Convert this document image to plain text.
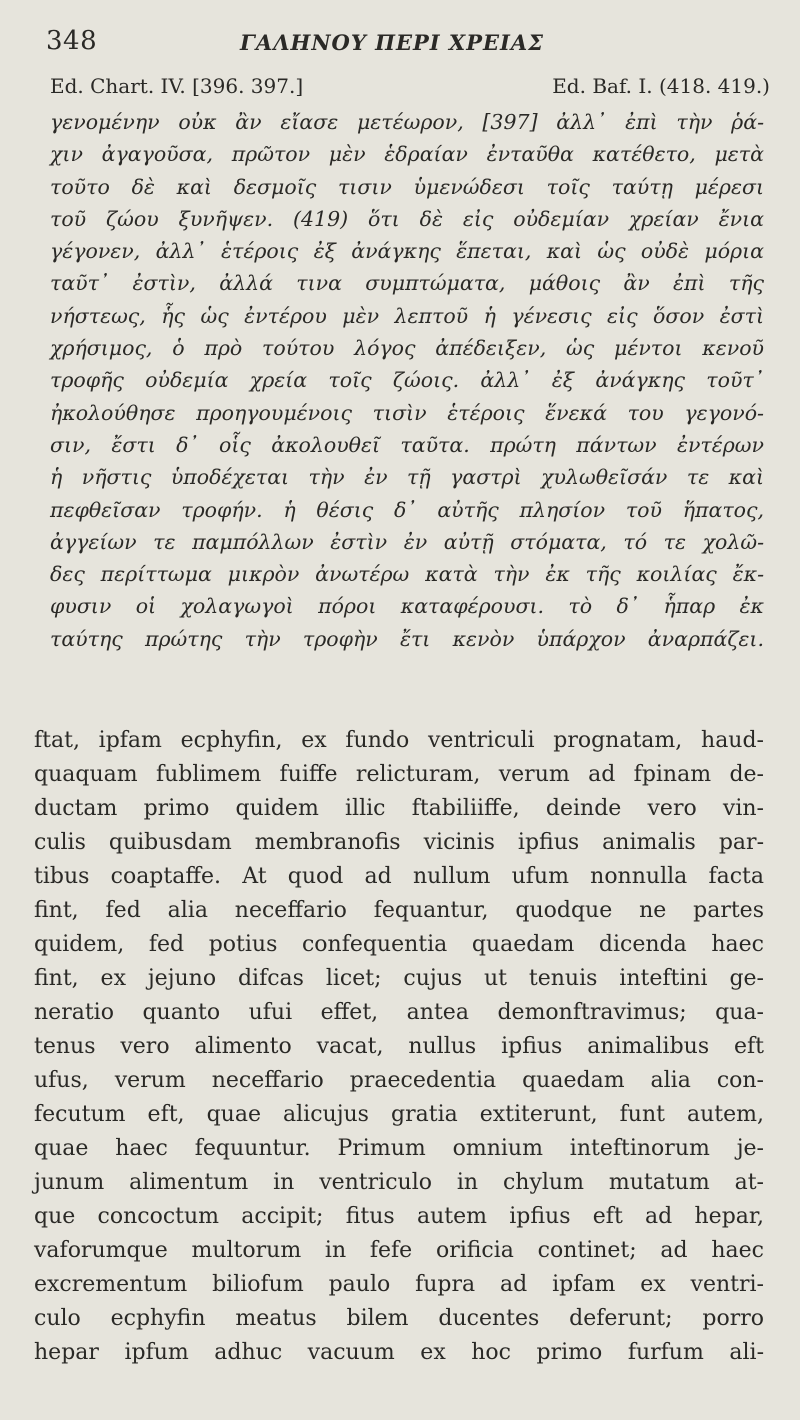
348	ΓΑΛΗΝΟΥ ΠΕΡΙ ΧΡΕΙΑΣ
Ed. Chart. IV. [396. 397.]	Ed. Baf. I. (418. 419.)
γενομένην οὐκ ἂν εἴασε μετέωρον, [397] ἀλλ᾽ ἐπὶ τὴν ῥά-
χιν ἀγαγοῦσα, πρῶτον μὲν ἑδραίαν ἐνταῦθα κατέθετο, μετὰ
τοῦτο δὲ καὶ δεσμοῖς τισιν ὑμενώδεσι τοῖς ταύτῃ μέρεσι
τοῦ ζώου ξυνῆψεν. (419) ὅτι δὲ εἰς οὐδεμίαν χρείαν ἔνια
γέγονεν, ἀλλ᾽ ἑτέροις ἐξ ἀνάγκης ἕπεται, καὶ ὡς οὐδὲ μόρια
ταῦτ᾽ ἐστὶν, ἀλλά τινα συμπτώματα, μάθοις ἂν ἐπὶ τῆς
νήστεως, ἧς ὡς ἐντέρου μὲν λεπτοῦ ἡ γένεσις εἰς ὅσον ἐστὶ
χρήσιμος, ὁ πρὸ τούτου λόγος ἀπέδειξεν, ὡς μέντοι κενοῦ
τροφῆς οὐδεμία χρεία τοῖς ζώοις. ἀλλ᾽ ἐξ ἀνάγκης τοῦτ᾽
ἠκολούθησε προηγουμένοις τισὶν ἑτέροις ἕνεκά του γεγονό-
σιν, ἔστι δ᾽ οἷς ἀκολουθεῖ ταῦτα. πρώτη πάντων ἐντέρων
ἡ νῆστις ὑποδέχεται τὴν ἐν τῇ γαστρὶ χυλωθεῖσάν τε καὶ
πεφθεῖσαν τροφήν. ἡ θέσις δ᾽ αὐτῆς πλησίον τοῦ ἥπατος,
ἀγγείων τε παμπόλλων ἐστὶν ἐν αὐτῇ στόματα, τό τε χολῶ-
δες περίττωμα μικρὸν ἀνωτέρω κατὰ τὴν ἐκ τῆς κοιλίας ἔκ-
φυσιν οἱ χολαγωγοὶ πόροι καταφέρουσι. τὸ δ᾽ ἧπαρ ἐκ
ταύτης πρώτης τὴν τροφὴν ἔτι κενὸν ὑπάρχον ἀναρπάζει.
ftat, ipfam ecphyfin, ex fundo ventriculi prognatam, haud-
quaquam fublimem fuiffe relicturam, verum ad fpinam de-
ductam primo quidem illic ftabiliiffe, deinde vero vin-
culis quibusdam membranofis vicinis ipfius animalis par-
tibus coaptaffe. At quod ad nullum ufum nonnulla facta
fint, fed alia neceffario fequantur, quodque ne partes
quidem, fed potius confequentia quaedam dicenda haec
fint, ex jejuno difcas licet; cujus ut tenuis inteftini ge-
neratio quanto ufui effet, antea demonftravimus; qua-
tenus vero alimento vacat, nullus ipfius animalibus eft
ufus, verum neceffario praecedentia quaedam alia con-
fecutum eft, quae alicujus gratia extiterunt, funt autem,
quae haec fequuntur. Primum omnium inteftinorum je-
junum alimentum in ventriculo in chylum mutatum at-
que concoctum accipit; fitus autem ipfius eft ad hepar,
vaforumque multorum in fefe orificia continet; ad haec
excrementum biliofum paulo fupra ad ipfam ex ventri-
culo ecphyfin meatus bilem ducentes deferunt; porro
hepar ipfum adhuc vacuum ex hoc primo furfum ali-
